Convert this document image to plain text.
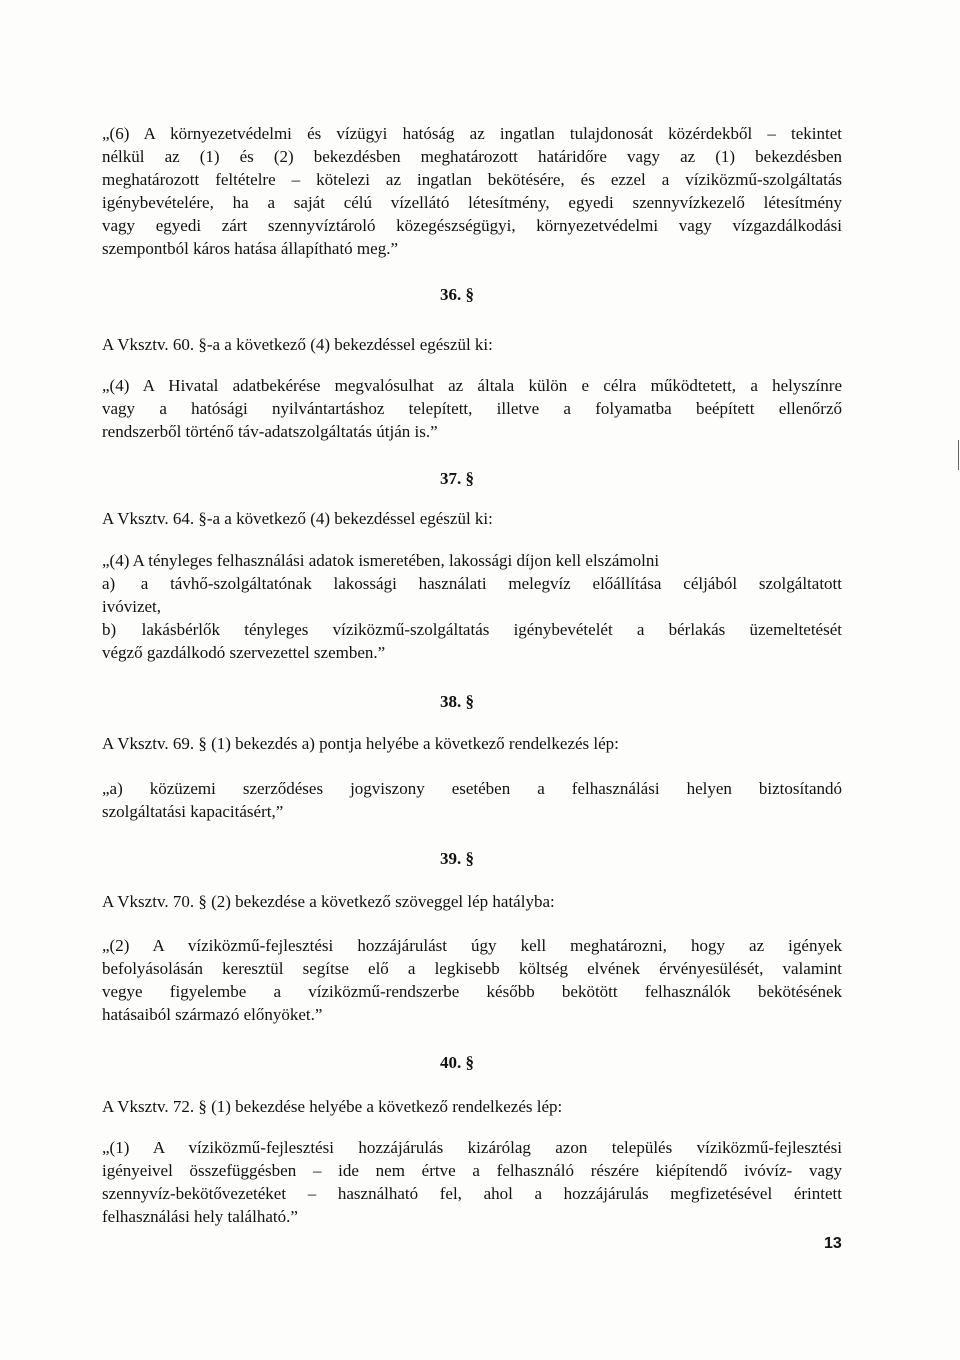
„(6) A környezetvédelmi és vízügyi hatóság az ingatlan tulajdonosát közérdekből – tekintet
nélkül az (1) és (2) bekezdésben meghatározott határidőre vagy az (1) bekezdésben
meghatározott feltételre – kötelezi az ingatlan bekötésére, és ezzel a víziközmű-szolgáltatás
igénybevételére, ha a saját célú vízellátó létesítmény, egyedi szennyvízkezelő létesítmény
vagy egyedi zárt szennyvíztároló közegészségügyi, környezetvédelmi vagy vízgazdálkodási
szempontból káros hatása állapítható meg.”

36. §

A Vksztv. 60. §-a a következő (4) bekezdéssel egészül ki:

„(4) A Hivatal adatbekérése megvalósulhat az általa külön e célra működtetett, a helyszínre
vagy a hatósági nyilvántartáshoz telepített, illetve a folyamatba beépített ellenőrző
rendszerből történő táv-adatszolgáltatás útján is.”

37. §

A Vksztv. 64. §-a a következő (4) bekezdéssel egészül ki:

„(4) A tényleges felhasználási adatok ismeretében, lakossági díjon kell elszámolni
a)  a távhő-szolgáltatónak lakossági használati melegvíz előállítása céljából szolgáltatott
ivóvizet,
b)  lakásbérlők tényleges víziközmű-szolgáltatás igénybevételét a bérlakás üzemeltetését
végző gazdálkodó szervezettel szemben.”

38. §

A Vksztv. 69. § (1) bekezdés a) pontja helyébe a következő rendelkezés lép:

„a) közüzemi szerződéses jogviszony esetében a felhasználási helyen biztosítandó
szolgáltatási kapacitásért,”

39. §

A Vksztv. 70. § (2) bekezdése a következő szöveggel lép hatályba:

„(2) A víziközmű-fejlesztési hozzájárulást úgy kell meghatározni, hogy az igények
befolyásolásán keresztül segítse elő a legkisebb költség elvének érvényesülését, valamint
vegye figyelembe a víziközmű-rendszerbe később bekötött felhasználók bekötésének
hatásaiból származó előnyöket.”

40. §

A Vksztv. 72. § (1) bekezdése helyébe a következő rendelkezés lép:

„(1) A víziközmű-fejlesztési hozzájárulás kizárólag azon település víziközmű-fejlesztési
igényeivel összefüggésben – ide nem értve a felhasználó részére kiépítendő ivóvíz- vagy
szennyvíz-bekötővezetéket – használható fel, ahol a hozzájárulás megfizetésével érintett
felhasználási hely található.”

13
